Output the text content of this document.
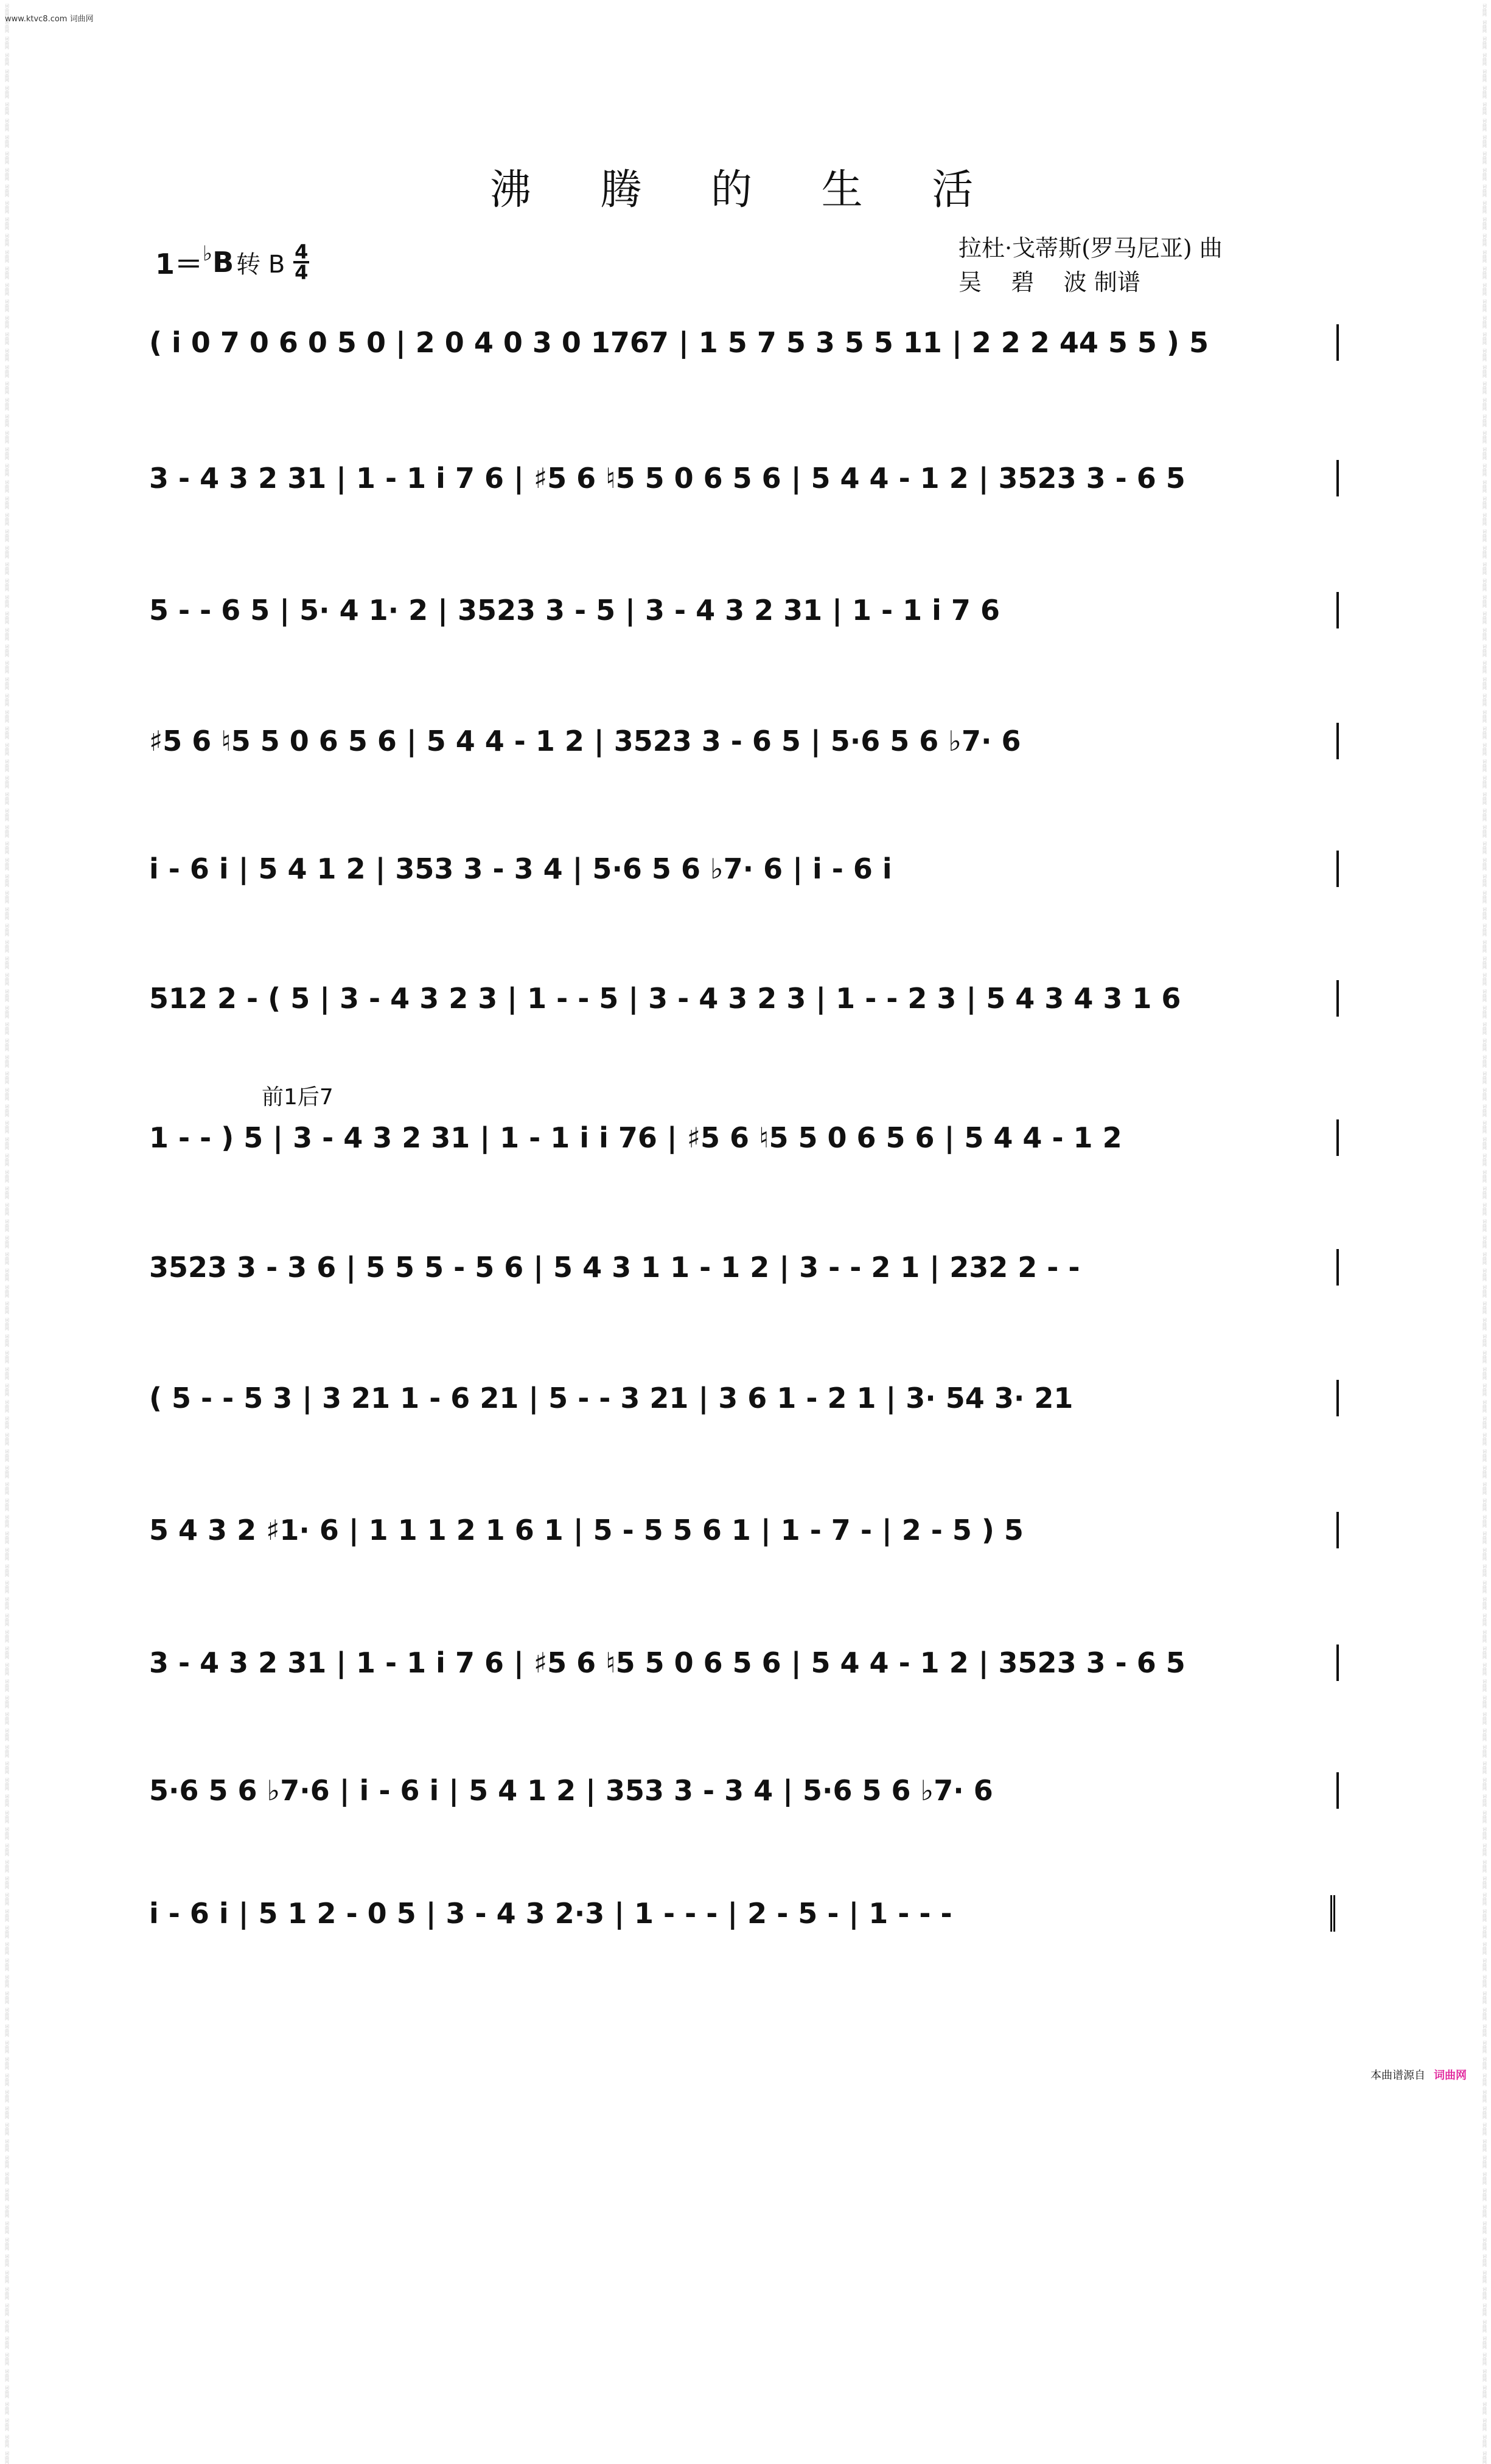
词曲网
词曲网
词曲网
词曲网
词曲网
词曲网
词曲网
词曲网
词曲网
词曲网
词曲网
词曲网
词曲网
词曲网
词曲网
词曲网
词曲网
词曲网
词曲网
词曲网
词曲网
词曲网
词曲网
词曲网
词曲网
词曲网
词曲网
词曲网
词曲网
词曲网
词曲网
词曲网
词曲网
词曲网
词曲网
词曲网
词曲网
词曲网
词曲网
词曲网
词曲网
词曲网
词曲网
词曲网
词曲网
词曲网
词曲网
词曲网
词曲网
词曲网
词曲网
词曲网
词曲网
词曲网
词曲网
词曲网
词曲网
词曲网
词曲网
词曲网
词曲网
词曲网
词曲网
词曲网
词曲网
词曲网
词曲网
词曲网
词曲网
词曲网
词曲网
词曲网
词曲网
词曲网
词曲网
词曲网
词曲网
词曲网
词曲网
词曲网
词曲网
词曲网
词曲网
词曲网
词曲网
词曲网
词曲网
词曲网
词曲网
词曲网
词曲网
词曲网
词曲网
词曲网
词曲网
词曲网
词曲网
词曲网
词曲网
词曲网
词曲网
词曲网
词曲网
词曲网
词曲网
词曲网
词曲网
词曲网
词曲网
词曲网
词曲网
词曲网
词曲网
词曲网
词曲网
词曲网
词曲网
词曲网
词曲网
词曲网
词曲网
词曲网
词曲网
词曲网
词曲网
词曲网
词曲网
词曲网
词曲网
词曲网
词曲网
词曲网
词曲网
词曲网
词曲网
词曲网
词曲网
词曲网
词曲网
词曲网
词曲网
词曲网
词曲网
词曲网
词曲网
词曲网
词曲网
词曲网
词曲网
词曲网
词曲网
词曲网
词曲网
词曲网
词曲网
词曲网
词曲网
词曲网
词曲网
词曲网
词曲网
词曲网
词曲网
词曲网
词曲网
词曲网
词曲网
词曲网
词曲网
词曲网
词曲网
词曲网
词曲网
词曲网
词曲网
词曲网
词曲网
词曲网
词曲网
词曲网
词曲网
词曲网
词曲网
词曲网
词曲网
词曲网
词曲网
词曲网
词曲网
词曲网
词曲网
词曲网
词曲网
词曲网
词曲网
词曲网
词曲网
词曲网
词曲网
词曲网
词曲网
词曲网
词曲网
词曲网
词曲网
词曲网
词曲网
词曲网
词曲网
词曲网
词曲网
词曲网
词曲网
词曲网
词曲网
词曲网
词曲网
词曲网
词曲网
词曲网
词曲网
词曲网
词曲网
词曲网
词曲网
词曲网
词曲网
词曲网
词曲网
词曲网
词曲网
词曲网
词曲网
词曲网
词曲网
词曲网
词曲网
词曲网
词曲网
词曲网
词曲网
词曲网
词曲网
词曲网
词曲网
词曲网
词曲网
词曲网
词曲网
词曲网
词曲网
词曲网
词曲网
词曲网
词曲网
词曲网
词曲网
词曲网
词曲网
词曲网
词曲网
词曲网
词曲网
词曲网
词曲网
词曲网
词曲网
词曲网
词曲网
词曲网
词曲网
词曲网
词曲网
词曲网
词曲网
词曲网
词曲网
词曲网
词曲网
词曲网
词曲网
词曲网
词曲网
词曲网
词曲网
词曲网
词曲网
词曲网
词曲网
词曲网
词曲网
词曲网
词曲网
词曲网
词曲网
词曲网
词曲网
词曲网
词曲网
词曲网
www.ktvc8.com 词曲网
沸 腾 的 生 活
1＝ ♭ B 转 B 4
4
拉杜·戈蒂斯(罗马尼亚) 曲
吴    碧    波 制谱
前1后7
( i 0 7 0 6 0 5 0 | 2 0 4 0 3 0 1767 | 1 5 7 5 3 5 5 11 | 2 2 2 44 5 5 ) 5
3 - 4 3 2 31 | 1 - 1 i 7 6 | ♯5 6 ♮5 5 0 6 5 6 | 5 4 4 - 1 2 | 3523 3 - 6 5
5 - - 6 5 | 5· 4 1· 2 | 3523 3 - 5 | 3 - 4 3 2 31 | 1 - 1 i 7 6
♯5 6 ♮5 5 0 6 5 6 | 5 4 4 - 1 2 | 3523 3 - 6 5 | 5·6 5 6 ♭7· 6
i - 6 i | 5 4 1 2 | 353 3 - 3 4 | 5·6 5 6 ♭7· 6 | i - 6 i
512 2 - ( 5 | 3 - 4 3 2 3 | 1 - - 5 | 3 - 4 3 2 3 | 1 - - 2 3 | 5 4 3 4 3 1 6
1 - - ) 5 | 3 - 4 3 2 31 | 1 - 1 i i 76 | ♯5 6 ♮5 5 0 6 5 6 | 5 4 4 - 1 2
3523 3 - 3 6 | 5 5 5 - 5 6 | 5 4 3 1 1 - 1 2 | 3 - - 2 1 | 232 2 - -
( 5 - - 5 3 | 3 21 1 - 6 21 | 5 - - 3 21 | 3 6 1 - 2 1 | 3· 54 3· 21
5 4 3 2 ♯1· 6 | 1 1 1 2 1 6 1 | 5 - 5 5 6 1 | 1 - 7 - | 2 - 5 ) 5
3 - 4 3 2 31 | 1 - 1 i 7 6 | ♯5 6 ♮5 5 0 6 5 6 | 5 4 4 - 1 2 | 3523 3 - 6 5
5·6 5 6 ♭7·6 | i - 6 i | 5 4 1 2 | 353 3 - 3 4 | 5·6 5 6 ♭7· 6
i - 6 i | 5 1 2 - 0 5 | 3 - 4 3 2·3 | 1 - - - | 2 - 5 - | 1 - - -
本曲谱源自 词曲网
